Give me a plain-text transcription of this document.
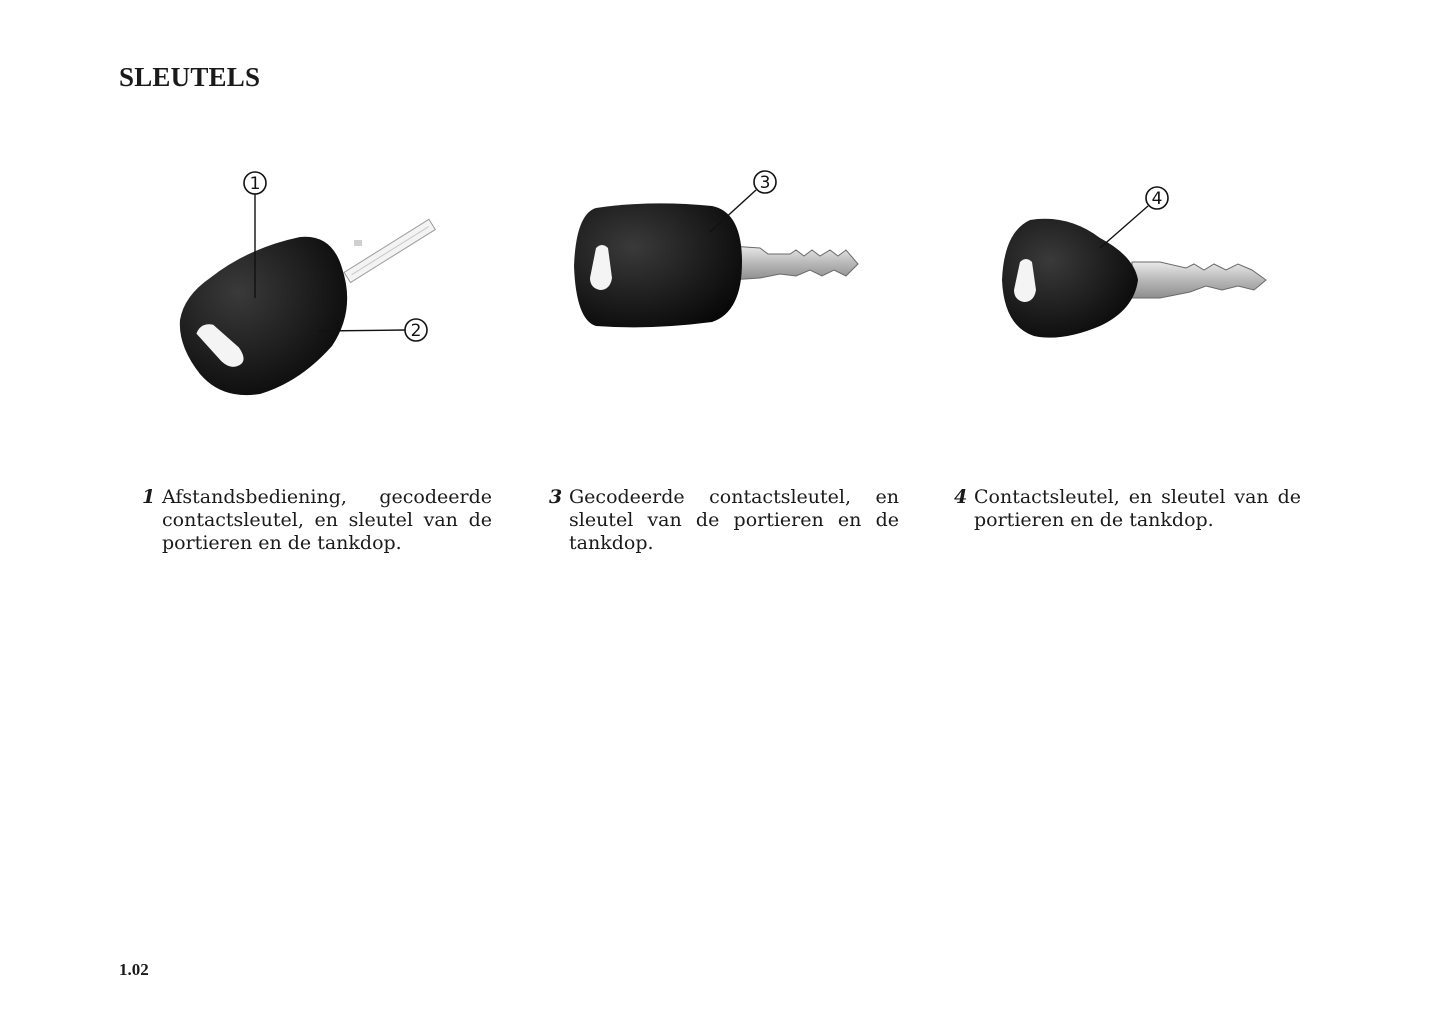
SLEUTELS
1
2
3
4
1 Afstandsbediening, gecodeerde contactsleutel, en sleutel van de portieren en de tankdop.
3 Gecodeerde contactsleutel, en sleutel van de portieren en de tankdop.
4 Contactsleutel, en sleutel van de portieren en de tankdop.
1.02
